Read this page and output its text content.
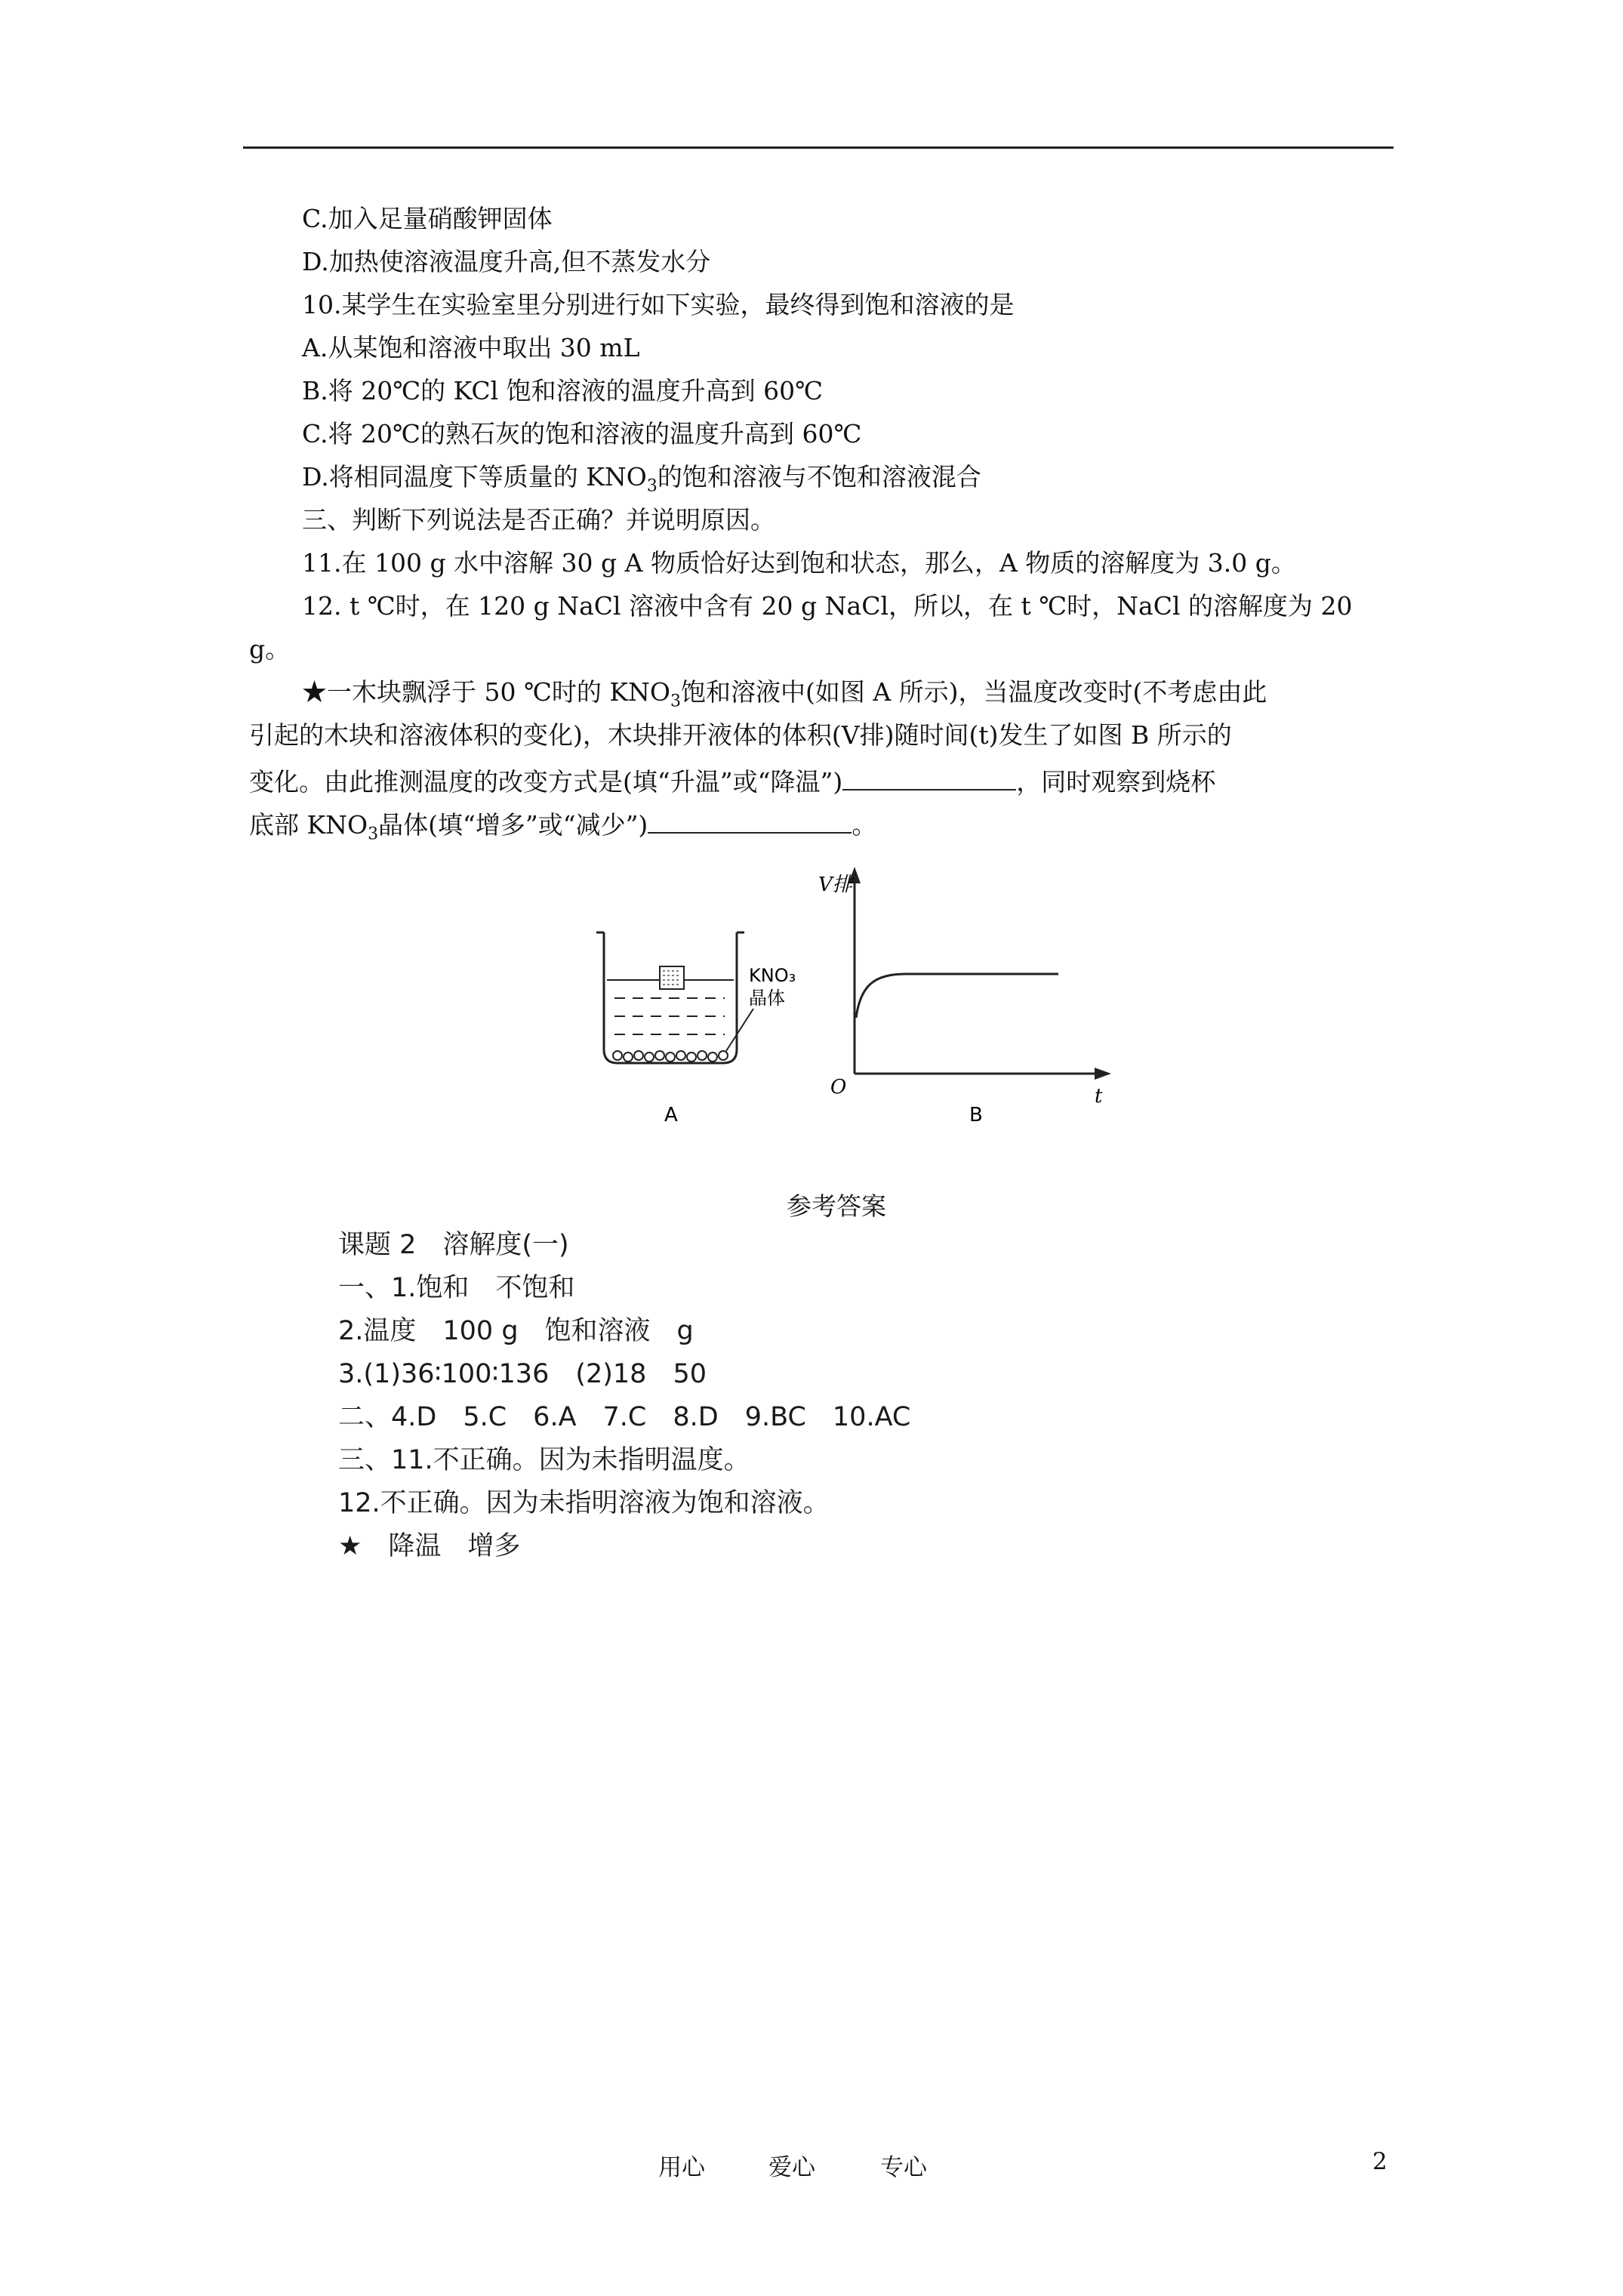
C.加入足量硝酸钾固体
D.加热使溶液温度升高,但不蒸发水分
10.某学生在实验室里分别进行如下实验，最终得到饱和溶液的是
A.从某饱和溶液中取出 30 mL
B.将 20℃的 KCl 饱和溶液的温度升高到 60℃
C.将 20℃的熟石灰的饱和溶液的温度升高到 60℃
D.将相同温度下等质量的 $KNO_3$的饱和溶液与不饱和溶液混合
三、判断下列说法是否正确？并说明原因。
11.在 100 g 水中溶解 30 g A 物质恰好达到饱和状态，那么，A 物质的溶解度为 3.0 g。
12. t ℃时，在 120 g NaCl 溶液中含有 20 g NaCl，所以，在 t ℃时，NaCl 的溶解度为 20
g。
★一木块飘浮于 50 ℃时的 $KNO_3$饱和溶液中(如图 A 所示)，当温度改变时(不考虑由此
引起的木块和溶液体积的变化)，木块排开液体的体积(V排)随时间(t)发生了如图 B 所示的
变化。由此推测温度的改变方式是(填“升温”或“降温”)	，同时观察到烧杯
底部 $KNO_3$晶体(填“增多”或“减少”)	。
KNO₃
晶体
A
V排
O	t
B
参考答案
课题 2　溶解度(一)
一、1.饱和　不饱和
2.温度　100 g　饱和溶液　g
3.(1)36∶100∶136　(2)18　50
二、4.D　5.C　6.A　7.C　8.D　9.BC　10.AC
三、11.不正确。因为未指明温度。
12.不正确。因为未指明溶液为饱和溶液。
★　降温　增多
用心	爱心	专心	2
